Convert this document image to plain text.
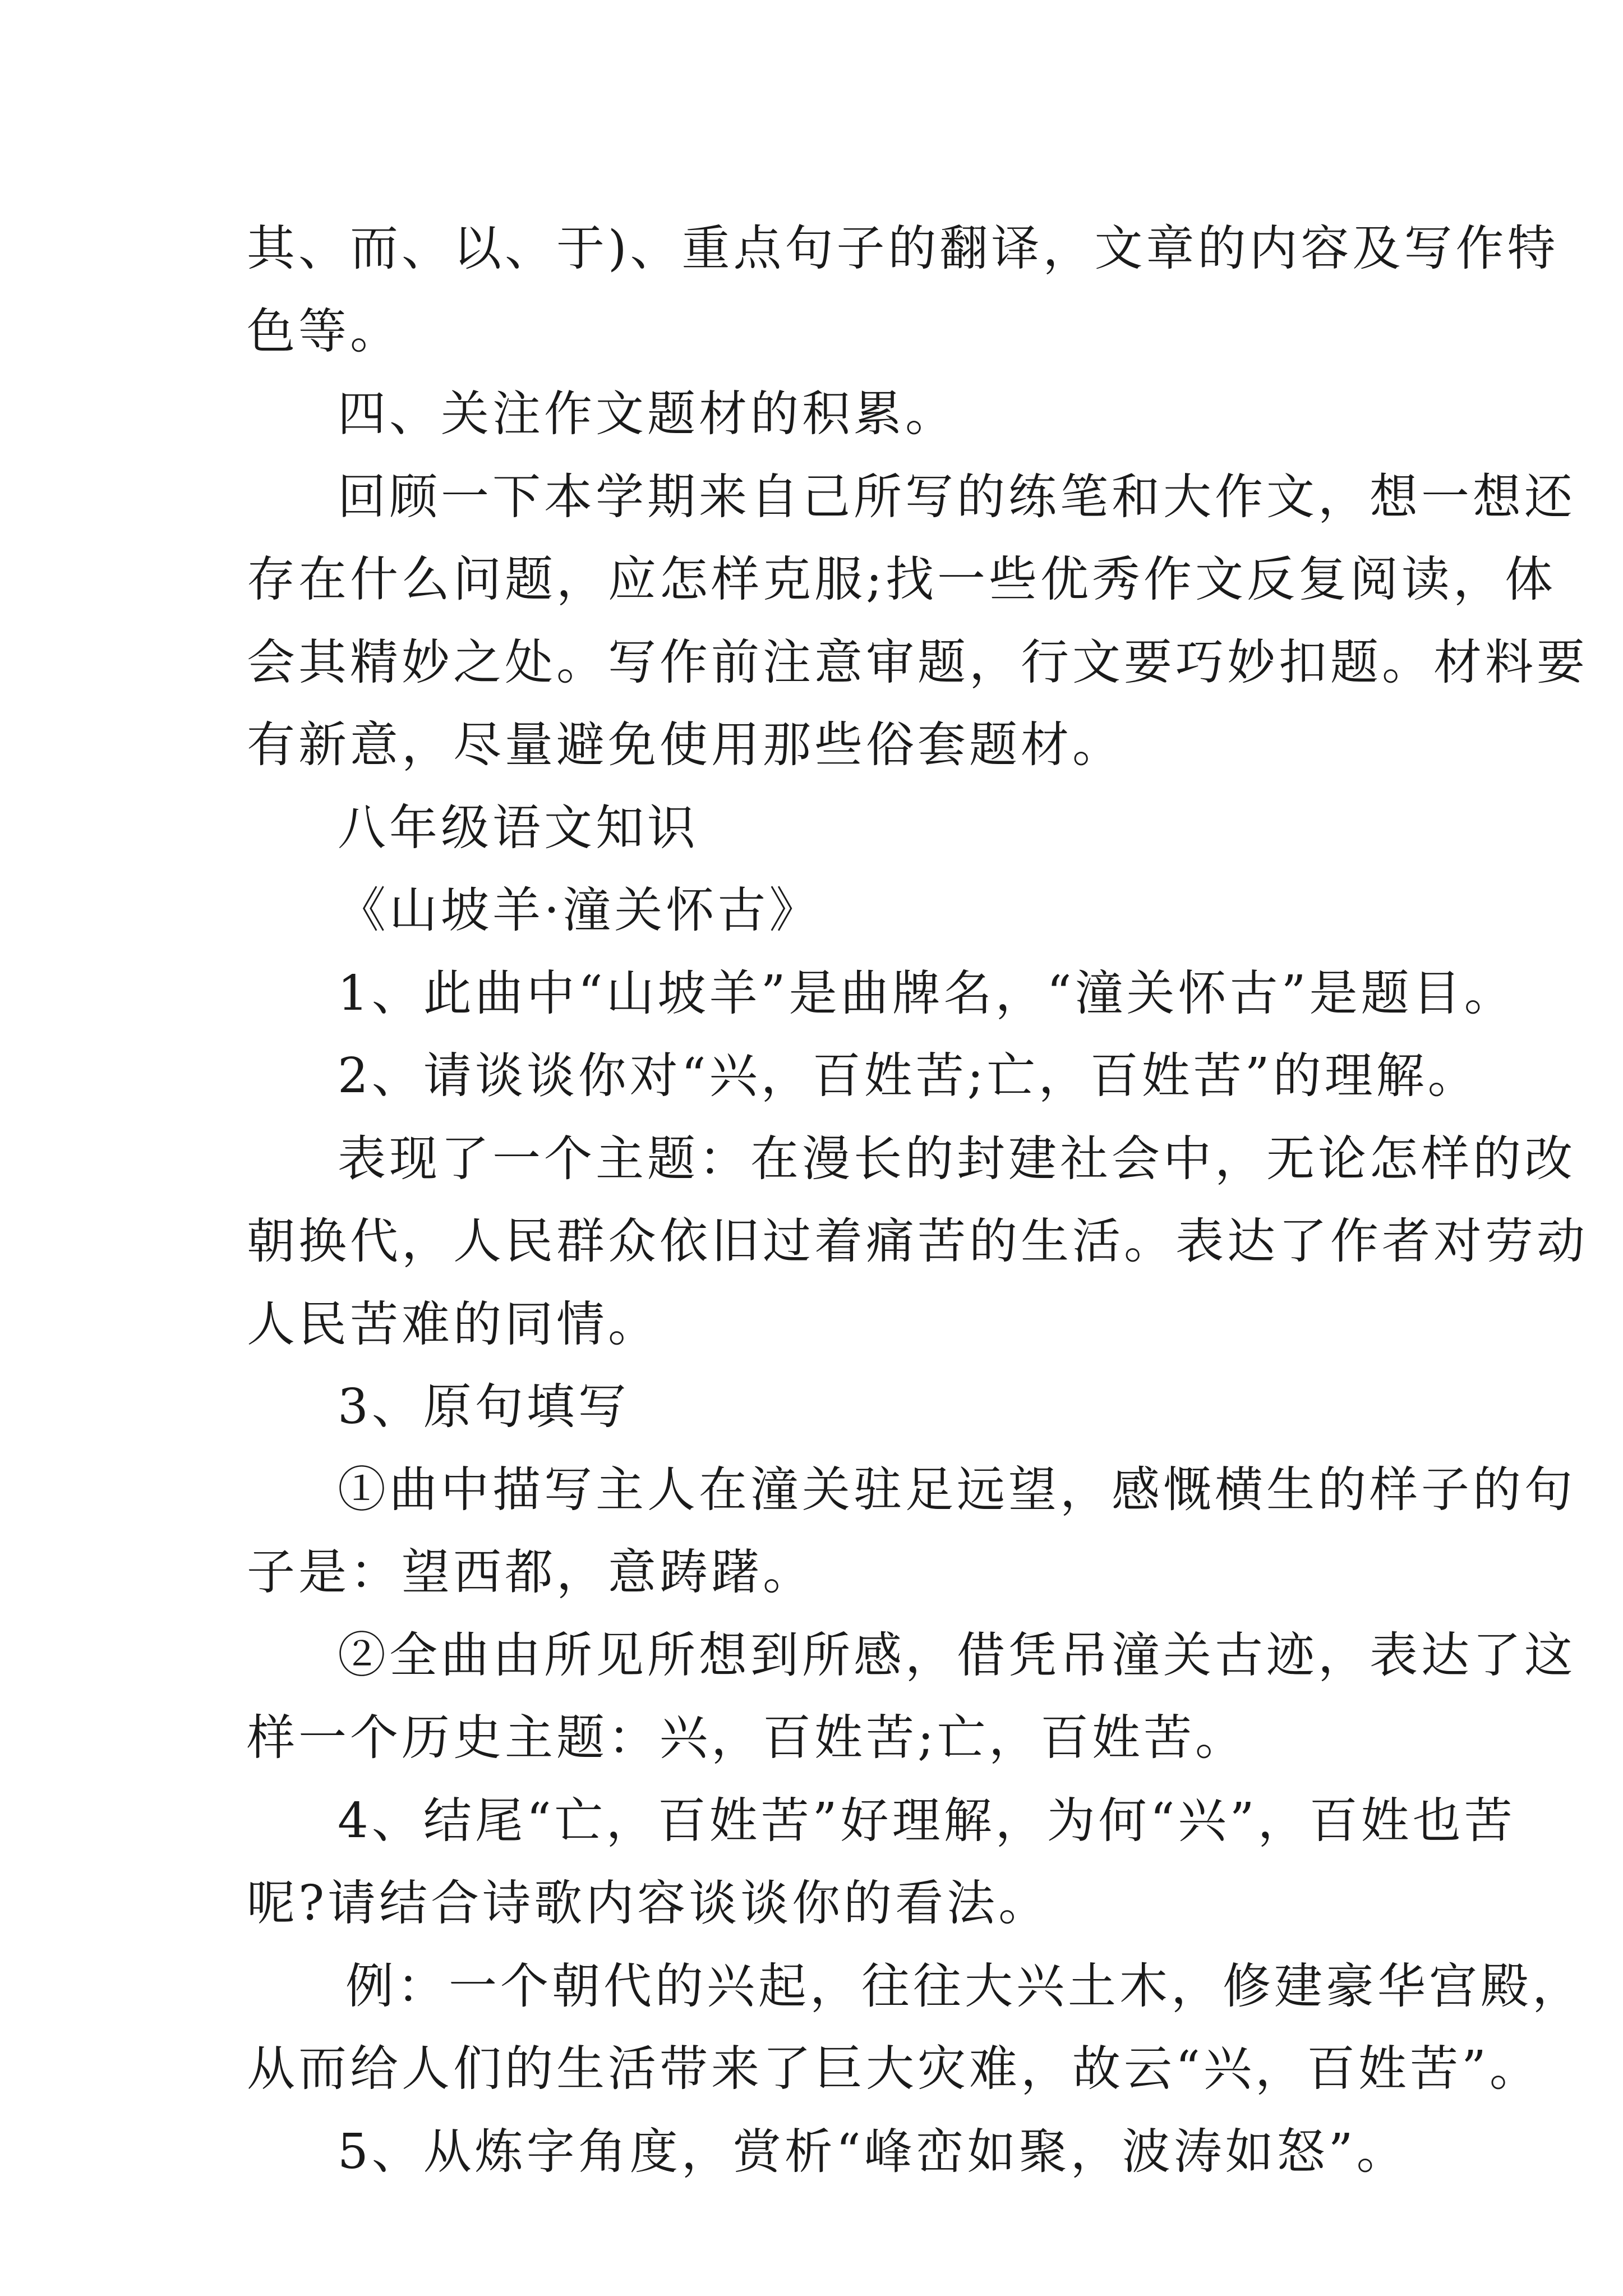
其、而、以、于)、重点句子的翻译，文章的内容及写作特
色等。
四、关注作文题材的积累。
回顾一下本学期来自己所写的练笔和大作文，想一想还
存在什么问题，应怎样克服;找一些优秀作文反复阅读，体
会其精妙之处。写作前注意审题，行文要巧妙扣题。材料要
有新意，尽量避免使用那些俗套题材。
八年级语文知识
《山坡羊·潼关怀古》
1、此曲中“山坡羊”是曲牌名，“潼关怀古”是题目。
2、请谈谈你对“兴，百姓苦;亡，百姓苦”的理解。
表现了一个主题：在漫长的封建社会中，无论怎样的改
朝换代，人民群众依旧过着痛苦的生活。表达了作者对劳动
人民苦难的同情。
3、原句填写
①曲中描写主人在潼关驻足远望，感慨横生的样子的句
子是：望西都，意踌躇。
②全曲由所见所想到所感，借凭吊潼关古迹，表达了这
样一个历史主题：兴，百姓苦;亡，百姓苦。
4、结尾“亡，百姓苦”好理解，为何“兴”，百姓也苦
呢?请结合诗歌内容谈谈你的看法。
例：一个朝代的兴起，往往大兴土木，修建豪华宫殿，
从而给人们的生活带来了巨大灾难，故云“兴，百姓苦”。
5、从炼字角度，赏析“峰峦如聚，波涛如怒”。
